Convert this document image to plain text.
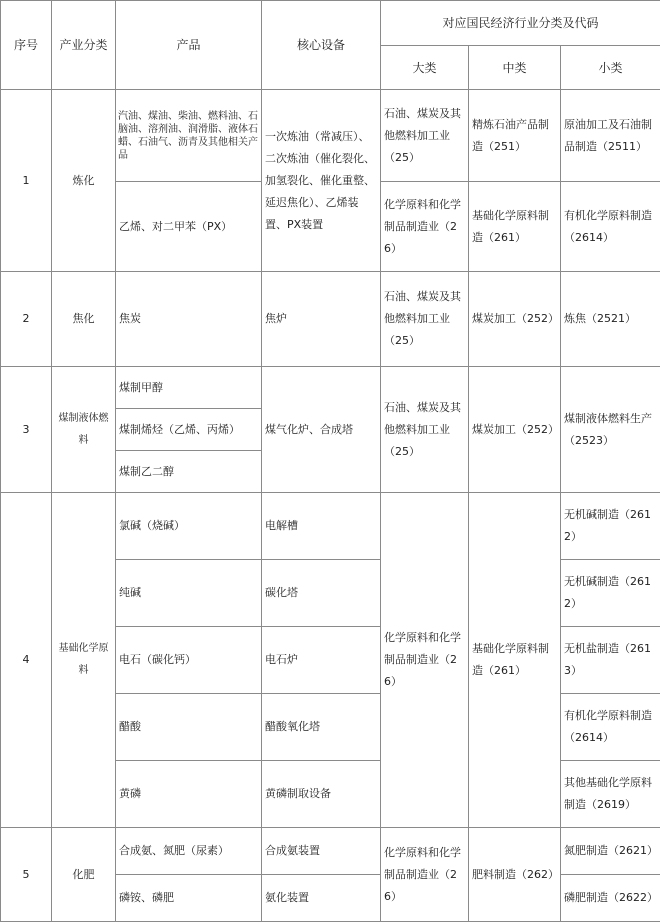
序号	产业分类	产品	核心设备	对应国民经济行业分类及代码		
				大类	中类	小类
1	炼化	汽油、煤油、柴油、燃料油、石脑油、溶剂油、润滑脂、液体石蜡、石油气、沥青及其他相关产品	一次炼油（常减压）、二次炼油（催化裂化、加氢裂化、催化重整、延迟焦化）、乙烯装置、PX装置	石油、煤炭及其他燃料加工业（25）	精炼石油产品制造（251）	原油加工及石油制品制造（2511）
		乙烯、对二甲苯（PX）		化学原料和化学制品制造业（26）	基础化学原料制造（261）	有机化学原料制造（2614）
2	焦化	焦炭	焦炉	石油、煤炭及其他燃料加工业（25）	煤炭加工（252）	炼焦（2521）
3	煤制液体燃料	煤制甲醇	煤气化炉、合成塔	石油、煤炭及其他燃料加工业（25）	煤炭加工（252）	煤制液体燃料生产（2523）
		煤制烯烃（乙烯、丙烯）				
		煤制乙二醇				
4	基础化学原料	氯碱（烧碱）	电解槽	化学原料和化学制品制造业（26）	基础化学原料制造（261）	无机碱制造（2612）
		纯碱	碳化塔			无机碱制造（2612）
		电石（碳化钙）	电石炉			无机盐制造（2613）
		醋酸	醋酸氧化塔			有机化学原料制造（2614）
		黄磷	黄磷制取设备			其他基础化学原料制造（2619）
5	化肥	合成氨、氮肥（尿素）	合成氨装置	化学原料和化学制品制造业（26）	肥料制造（262）	氮肥制造（2621）
		磷铵、磷肥	氨化装置			磷肥制造（2622）
